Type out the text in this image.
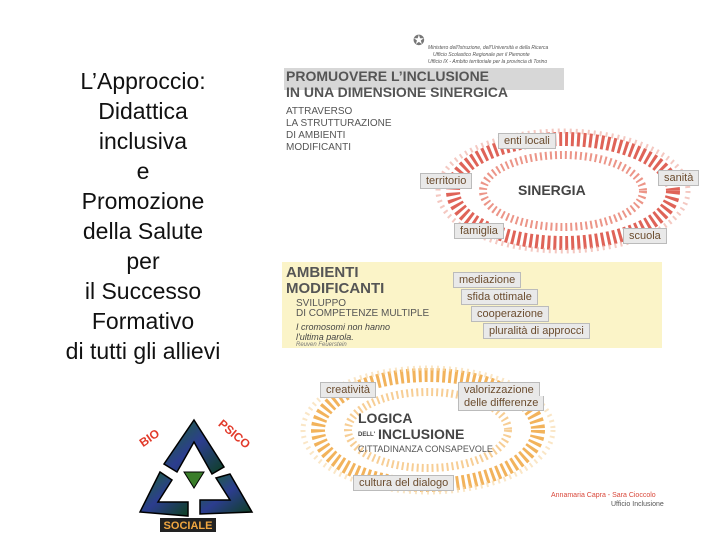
L’Approccio:
Didattica
inclusiva
e
Promozione
della Salute
per
il Successo
Formativo
di tutti gli allievi
BIO	PSICO
SOCIALE
✪ Ministero dell'Istruzione, dell'Università e della Ricerca
Ufficio Scolastico Regionale per il Piemonte
Ufficio IX - Ambito territoriale per la provincia di Torino
PROMUOVERE L’INCLUSIONE
IN UNA DIMENSIONE SINERGICA
ATTRAVERSO
LA STRUTTURAZIONE
DI AMBIENTI
MODIFICANTI
SINERGIA
enti locali
territorio	sanità
famiglia	scuola
AMBIENTI
MODIFICANTI
SVILUPPO
DI COMPETENZE MULTIPLE
I cromosomi non hanno
l'ultima parola.
Reuven Feuerstein
mediazione
sfida ottimale
cooperazione
pluralità di approcci
LOGICA
DELL' INCLUSIONE
CITTADINANZA CONSAPEVOLE
creatività	valorizzazione
delle differenze
cultura del dialogo
Annamaria Capra - Sara Cioccolo
Ufficio Inclusione
